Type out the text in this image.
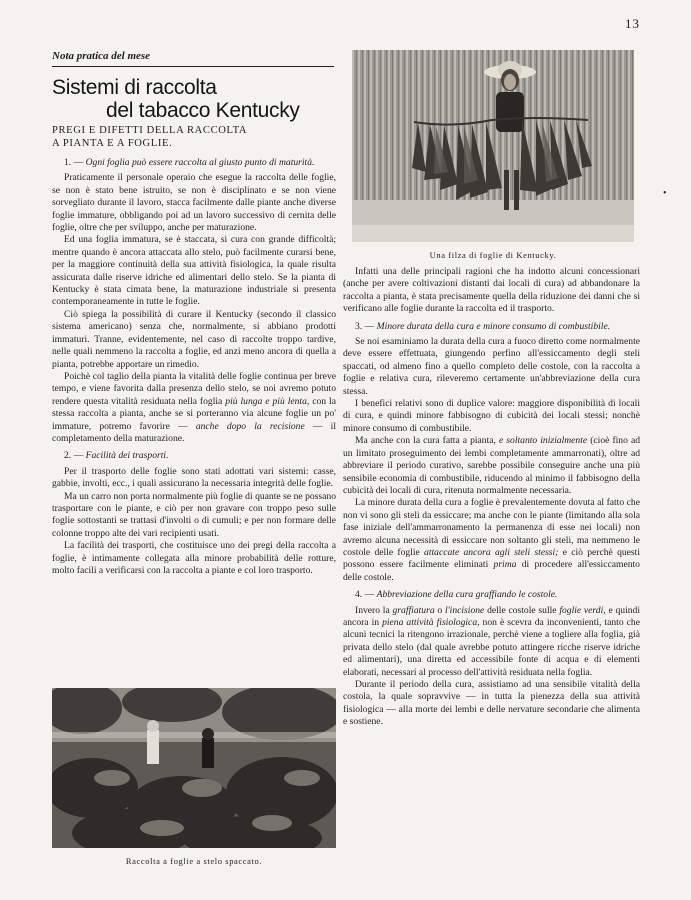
13
Nota pratica del mese
Sistemi di raccolta
del tabacco Kentucky
PREGI E DIFETTI DELLA RACCOLTA
A PIANTA E A FOGLIE.

1. — Ogni foglia può essere raccolta al giusto punto di maturità.

Praticamente il personale operaio che esegue la raccolta delle foglie, se non è stato bene istruito, se non è disciplinato e se non viene sorvegliato durante il lavoro, stacca facilmente dalle piante anche diverse foglie immature, obbligando poi ad un lavoro successivo di cernita delle foglie, oltre che per sviluppo, anche per maturazione.

Ed una foglia immatura, se è staccata, si cura con grande difficoltà; mentre quando è ancora attaccata allo stelo, può facilmente curarsi bene, per la maggiore continuità della sua attività fisiologica, la quale risulta assicurata dalle riserve idriche ed alimentari dello stelo. Se la pianta di Kentucky è stata cimata bene, la maturazione industriale si presenta contemporaneamente in tutte le foglie.

Ciò spiega la possibilità di curare il Kentucky (secondo il classico sistema americano) senza che, normalmente, si abbiano prodotti immaturi. Tranne, evidentemente, nel caso di raccolte troppo tardive, nelle quali nemmeno la raccolta a foglie, ed anzi meno ancora di quella a pianta, potrebbe apportare un rimedio.

Poichè col taglio della pianta la vitalità delle foglie continua per breve tempo, e viene favorita dalla presenza dello stelo, se noi avremo potuto rendere questa vitalità residuata nella foglia più lunga e più lenta, con la stessa raccolta a pianta, anche se si porteranno via alcune foglie un po' immature, potremo favorire — anche dopo la recisione — il completamento della maturazione.

2. — Facilità dei trasporti.

Per il trasporto delle foglie sono stati adottati vari sistemi: casse, gabbie, involti, ecc., i quali assicurano la necessaria integrità delle foglie.

Ma un carro non porta normalmente più foglie di quante se ne possano trasportare con le piante, e ciò per non gravare con troppo peso sulle foglie sottostanti se trattasi d'involti o di cumuli; e per non formare delle colonne troppo alte dei vari recipienti usati.

La facilità dei trasporti, che costituisce uno dei pregi della raccolta a foglie, è intimamente collegata alla minore probabilità delle rotture, molto facili a verificarsi con la raccolta a piante e col loro trasporto.

Una filza di foglie di Kentucky.

Infatti una delle principali ragioni che ha indotto alcuni concessionari (anche per avere coltivazioni distanti dai locali di cura) ad abbandonare la raccolta a pianta, è stata precisamente quella della riduzione dei danni che si verificano alle foglie durante la raccolta ed il trasporto.

3. — Minore durata della cura e minore consumo di combustibile.

Se noi esaminiamo la durata della cura a fuoco diretto come normalmente deve essere effettuata, giungendo perfino all'essiccamento degli steli spaccati, od almeno fino a quello completo delle costole, con la raccolta a foglie e relativa cura, rileveremo certamente un'abbreviazione della cura stessa.

I benefici relativi sono di duplice valore: maggiore disponibilità di locali di cura, e quindi minore fabbisogno di cubicità dei locali stessi; nonchè minore consumo di combustibile.

Ma anche con la cura fatta a pianta, e soltanto inizialmente (cioè fino ad un limitato proseguimento dei lembi completamente ammarronati), oltre ad abbreviare il periodo curativo, sarebbe possibile conseguire anche una più sensibile economia di combustibile, riducendo al minimo il fabbisogno della cubicità dei locali di cura, ritenuta normalmente necessaria.

La minore durata della cura a foglie è prevalentemente dovuta al fatto che non vi sono gli steli da essiccare; ma anche con le piante (limitando alla sola fase iniziale dell'ammarronamento la permanenza di esse nei locali) non avremo alcuna necessità di essiccare non soltanto gli steli, ma nemmeno le costole delle foglie attaccate ancora agli steli stessi; e ciò perchè questi possono essere facilmente eliminati prima di procedere all'essiccamento delle costole.

4. — Abbreviazione della cura graffiando le costole.

Invero la graffiatura o l'incisione delle costole sulle foglie verdi, e quindi ancora in piena attività fisiologica, non è scevra da inconvenienti, tanto che alcuni tecnici la ritengono irrazionale, perchè viene a togliere alla foglia, già privata dello stelo (dal quale avrebbe potuto attingere ricche riserve idriche ed alimentari), una diretta ed accessibile fonte di acqua e di elementi elaborati, necessari al processo dell'attività residuata nella foglia.

Durante il periodo della cura, assistiamo ad una sensibile vitalità della costola, la quale sopravvive — in tutta la pienezza della sua attività fisiologica — alla morte dei lembi e delle nervature secondarie che alimenta e sostiene.

Raccolta a foglie a stelo spaccato.
•
